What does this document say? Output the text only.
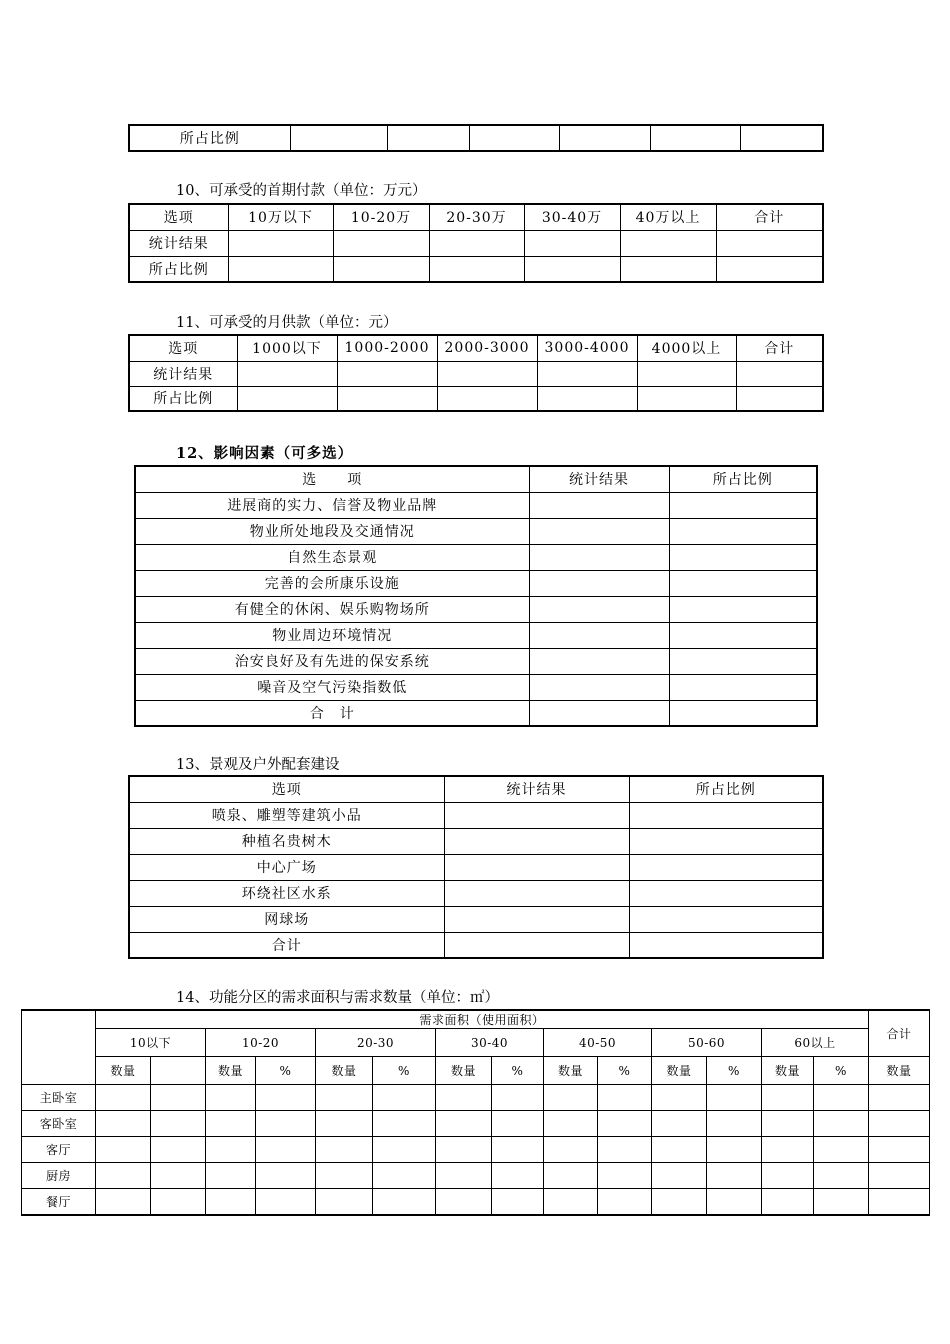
所占比例						
10、可承受的首期付款（单位：万元）
选项	10万以下	10-20万	20-30万	30-40万	40万以上	合计
统计结果						
所占比例						
11、可承受的月供款（单位：元）
选项	1000以下	1000-2000	2000-3000	3000-4000	4000以上	合计
统计结果						
所占比例						
12、影响因素（可多选）
选　　项	统计结果	所占比例
进展商的实力、信誉及物业品牌		
物业所处地段及交通情况		
自然生态景观		
完善的会所康乐设施		
有健全的休闲、娱乐购物场所		
物业周边环境情况		
治安良好及有先进的保安系统		
噪音及空气污染指数低		
合　计		
13、景观及户外配套建设
选项	统计结果	所占比例
喷泉、雕塑等建筑小品		
种植名贵树木		
中心广场		
环绕社区水系		
网球场		
合计		
14、功能分区的需求面积与需求数量（单位：㎡）
	需求面积（使用面积）														合计
	10以下		10-20		20-30		30-40		40-50		50-60		60以上		
	数量		数量	%	数量	%	数量	%	数量	%	数量	%	数量	%	数量
主卧室															
客卧室															
客厅															
厨房															
餐厅															
